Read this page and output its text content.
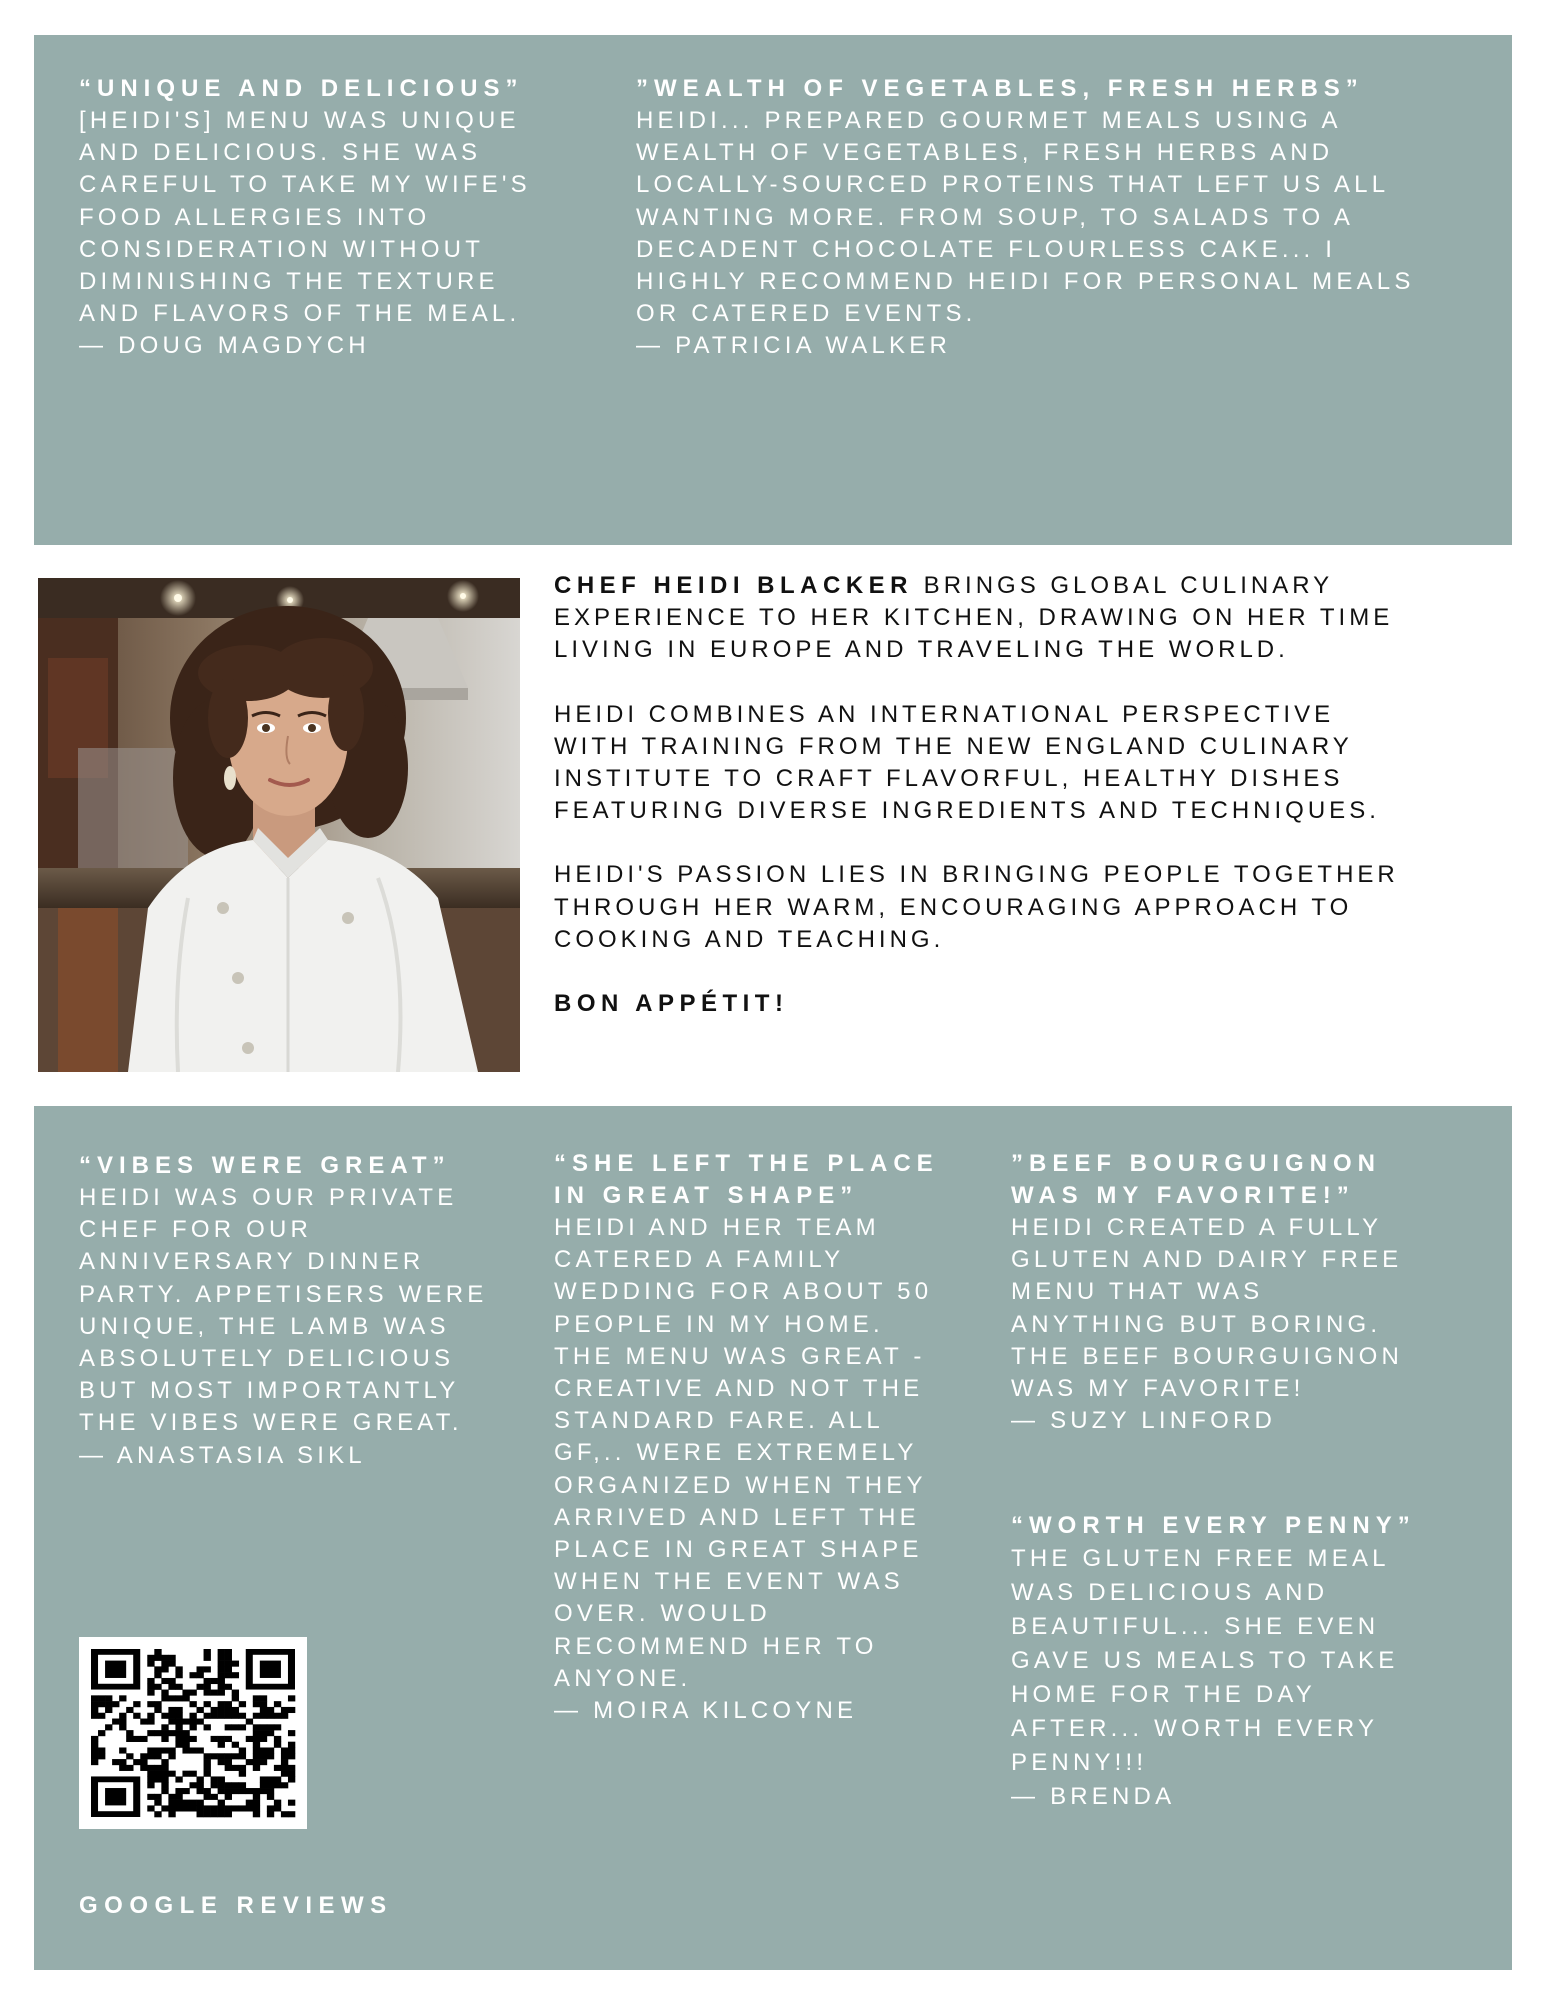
“UNIQUE AND DELICIOUS”

[HEIDI'S] MENU WAS UNIQUE
AND DELICIOUS. SHE WAS
CAREFUL TO TAKE MY WIFE'S
FOOD ALLERGIES INTO
CONSIDERATION WITHOUT
DIMINISHING THE TEXTURE
AND FLAVORS OF THE MEAL.

— DOUG MAGDYCH

”WEALTH OF VEGETABLES, FRESH HERBS”

HEIDI... PREPARED GOURMET MEALS USING A
WEALTH OF VEGETABLES, FRESH HERBS AND
LOCALLY-SOURCED PROTEINS THAT LEFT US ALL
WANTING MORE. FROM SOUP, TO SALADS TO A
DECADENT CHOCOLATE FLOURLESS CAKE... I
HIGHLY RECOMMEND HEIDI FOR PERSONAL MEALS
OR CATERED EVENTS.

— PATRICIA WALKER

CHEF HEIDI BLACKER BRINGS GLOBAL CULINARY
EXPERIENCE TO HER KITCHEN, DRAWING ON HER TIME
LIVING IN EUROPE AND TRAVELING THE WORLD.

HEIDI COMBINES AN INTERNATIONAL PERSPECTIVE
WITH TRAINING FROM THE NEW ENGLAND CULINARY
INSTITUTE TO CRAFT FLAVORFUL, HEALTHY DISHES
FEATURING DIVERSE INGREDIENTS AND TECHNIQUES.

HEIDI'S PASSION LIES IN BRINGING PEOPLE TOGETHER
THROUGH HER WARM, ENCOURAGING APPROACH TO
COOKING AND TEACHING.

BON APPÉTIT!

“VIBES WERE GREAT”
HEIDI WAS OUR PRIVATE
CHEF FOR OUR
ANNIVERSARY DINNER
PARTY. APPETISERS WERE
UNIQUE, THE LAMB WAS
ABSOLUTELY DELICIOUS
BUT MOST IMPORTANTLY
THE VIBES WERE GREAT.

— ANASTASIA SIKL

“SHE LEFT THE PLACE
IN GREAT SHAPE”
HEIDI AND HER TEAM
CATERED A FAMILY
WEDDING FOR ABOUT 50
PEOPLE IN MY HOME.
THE MENU WAS GREAT -
CREATIVE AND NOT THE
STANDARD FARE. ALL
GF,.. WERE EXTREMELY
ORGANIZED WHEN THEY
ARRIVED AND LEFT THE
PLACE IN GREAT SHAPE
WHEN THE EVENT WAS
OVER. WOULD
RECOMMEND HER TO
ANYONE.

— MOIRA KILCOYNE

”BEEF BOURGUIGNON
WAS MY FAVORITE!”
HEIDI CREATED A FULLY
GLUTEN AND DAIRY FREE
MENU THAT WAS
ANYTHING BUT BORING.
THE BEEF BOURGUIGNON
WAS MY FAVORITE!

— SUZY LINFORD

“WORTH EVERY PENNY”
THE GLUTEN FREE MEAL
WAS DELICIOUS AND
BEAUTIFUL... SHE EVEN
GAVE US MEALS TO TAKE
HOME FOR THE DAY
AFTER... WORTH EVERY
PENNY!!!

— BRENDA

GOOGLE REVIEWS
